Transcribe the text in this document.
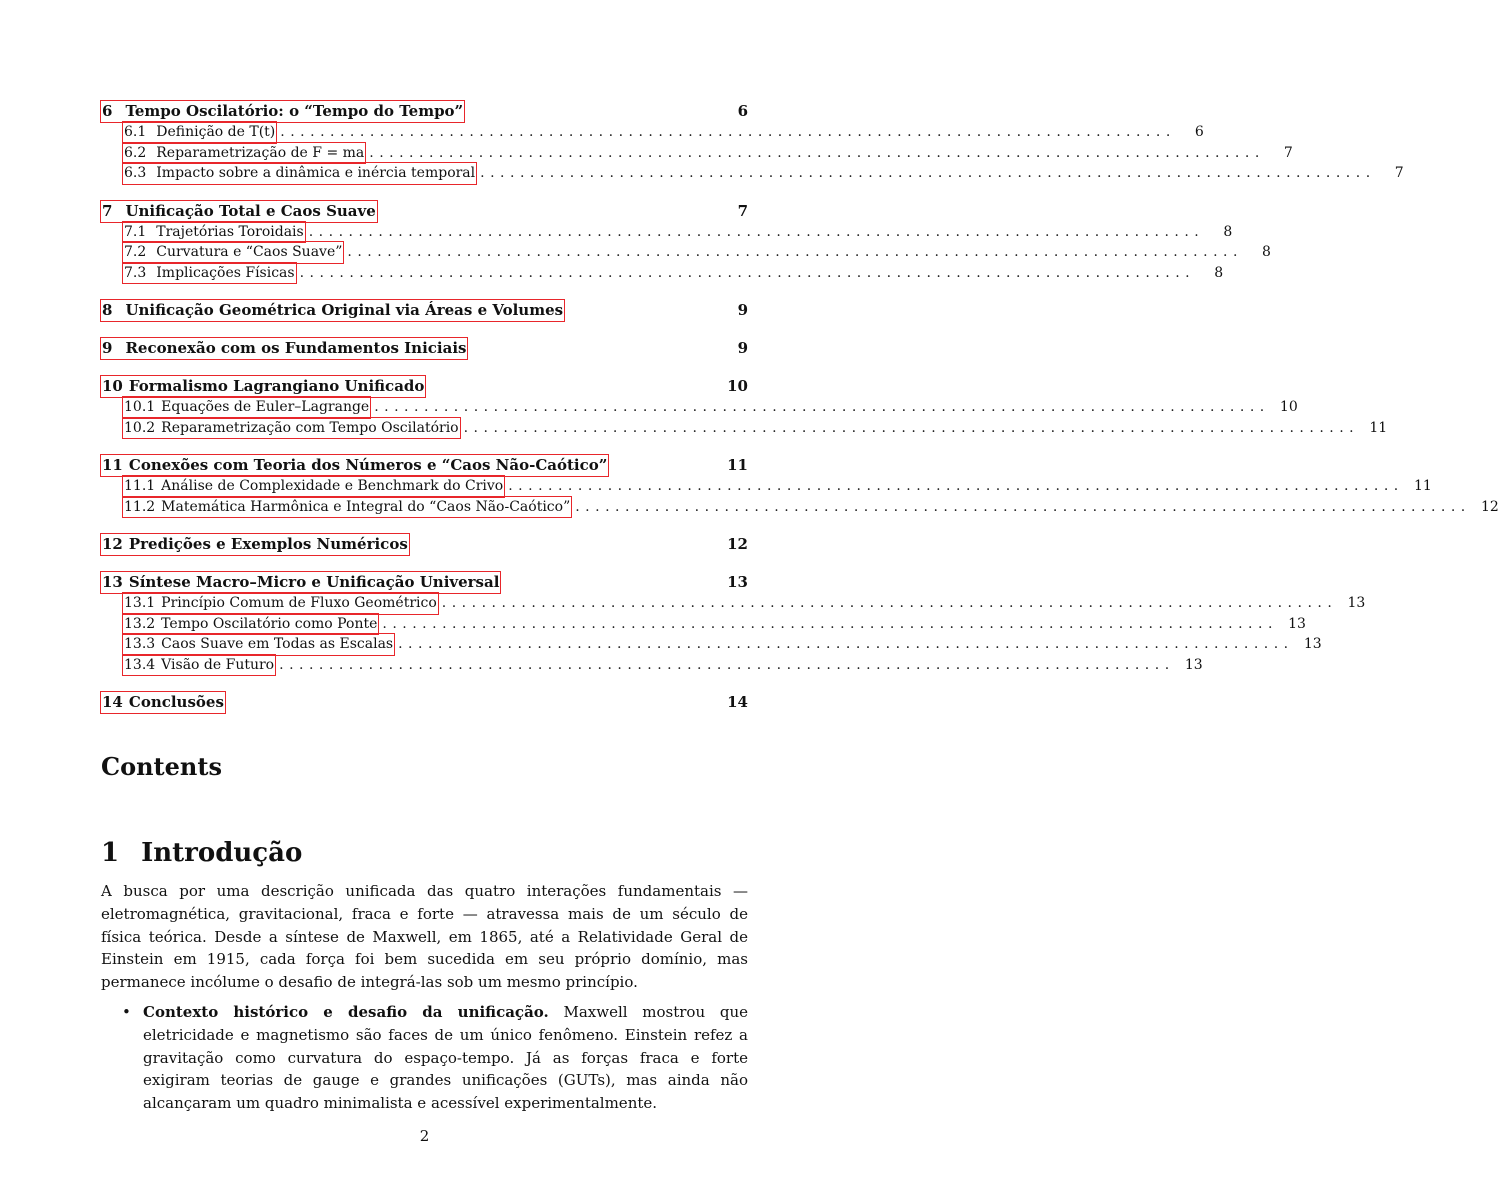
6 Tempo Oscilatório: o “Tempo do Tempo”	6
6.1 Definição de T(t) ..........................................................................................	6
6.2 Reparametrização de F = ma ..........................................................................................	7
6.3 Impacto sobre a dinâmica e inércia temporal ..........................................................................................	7
7 Unificação Total e Caos Suave	7
7.1 Trajetórias Toroidais ..........................................................................................	8
7.2 Curvatura e “Caos Suave” ..........................................................................................	8
7.3 Implicações Físicas ..........................................................................................	8
8 Unificação Geométrica Original via Áreas e Volumes	9
9 Reconexão com os Fundamentos Iniciais	9
10 Formalismo Lagrangiano Unificado	10
10.1 Equações de Euler–Lagrange .......................................................................................... 10
10.2 Reparametrização com Tempo Oscilatório .......................................................................................... 11
11 Conexões com Teoria dos Números e “Caos Não-Caótico”	11
11.1 Análise de Complexidade e Benchmark do Crivo .......................................................................................... 11
11.2 Matemática Harmônica e Integral do “Caos Não-Caótico” .......................................................................................... 12
12 Predições e Exemplos Numéricos	12
13 Síntese Macro–Micro e Unificação Universal	13
13.1 Princípio Comum de Fluxo Geométrico .......................................................................................... 13
13.2 Tempo Oscilatório como Ponte .......................................................................................... 13
13.3 Caos Suave em Todas as Escalas .......................................................................................... 13
13.4 Visão de Futuro .......................................................................................... 13
14 Conclusões	14
Contents
1 Introdução

A busca por uma descrição unificada das quatro interações fundamentais — eletromagnética, gravitacional, fraca e forte — atravessa mais de um século de física teórica. Desde a síntese de Maxwell, em 1865, até a Relatividade Geral de Einstein em 1915, cada força foi bem sucedida em seu próprio domínio, mas permanece incólume o desafio de integrá-las sob um mesmo princípio.

• Contexto histórico e desafio da unificação. Maxwell mostrou que eletricidade e magnetismo são faces de um único fenômeno. Einstein refez a gravitação como curvatura do espaço-tempo. Já as forças fraca e forte exigiram teorias de gauge e grandes unificações (GUTs), mas ainda não alcançaram um quadro minimalista e acessível experimentalmente.

2
